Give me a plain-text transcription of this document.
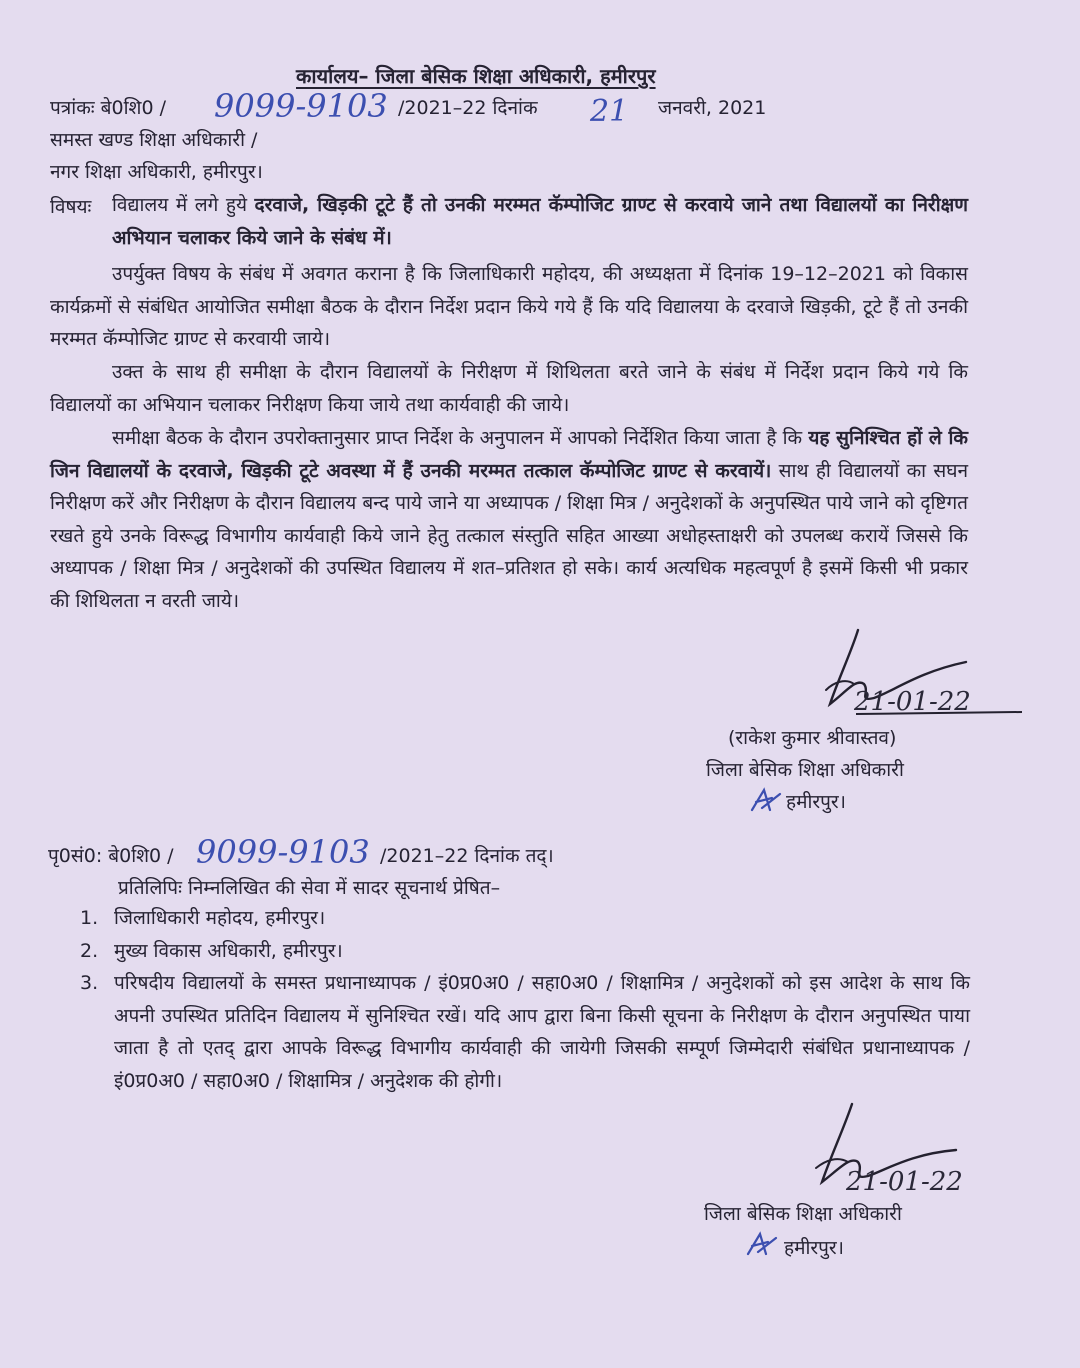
कार्यालय– जिला बेसिक शिक्षा अधिकारी, हमीरपुर
पत्रांकः बे0शि0 / 9099-9103 /2021–22 दिनांक 21 जनवरी, 2021
समस्त खण्ड शिक्षा अधिकारी /
नगर शिक्षा अधिकारी, हमीरपुर।
विषयः विद्यालय में लगे हुये दरवाजे, खिड़की टूटे हैं तो उनकी मरम्मत कॅम्पोजिट ग्राण्ट से करवाये जाने तथा विद्यालयों का निरीक्षण अभियान चलाकर किये जाने के संबंध में।
उपर्युक्त विषय के संबंध में अवगत कराना है कि जिलाधिकारी महोदय, की अध्यक्षता में दिनांक 19–12–2021 को विकास कार्यक्रमों से संबंधित आयोजित समीक्षा बैठक के दौरान निर्देश प्रदान किये गये हैं कि यदि विद्यालया के दरवाजे खिड़की, टूटे हैं तो उनकी मरम्मत कॅम्पोजिट ग्राण्ट से करवायी जाये।
उक्त के साथ ही समीक्षा के दौरान विद्यालयों के निरीक्षण में शिथिलता बरते जाने के संबंध में निर्देश प्रदान किये गये कि विद्यालयों का अभियान चलाकर निरीक्षण किया जाये तथा कार्यवाही की जाये।
समीक्षा बैठक के दौरान उपरोक्तानुसार प्राप्त निर्देश के अनुपालन में आपको निर्देशित किया जाता है कि यह सुनिश्चित हों ले कि जिन विद्यालयों के दरवाजे, खिड़की टूटे अवस्था में हैं उनकी मरम्मत तत्काल कॅम्पोजिट ग्राण्ट से करवायें। साथ ही विद्यालयों का सघन निरीक्षण करें और निरीक्षण के दौरान विद्यालय बन्द पाये जाने या अध्यापक / शिक्षा मित्र / अनुदेशकों के अनुपस्थित पाये जाने को दृष्टिगत रखते हुये उनके विरूद्ध विभागीय कार्यवाही किये जाने हेतु तत्काल संस्तुति सहित आख्या अधोहस्ताक्षरी को उपलब्ध करायें जिससे कि अध्यापक / शिक्षा मित्र / अनुदेशकों की उपस्थित विद्यालय में शत–प्रतिशत हो सके। कार्य अत्यधिक महत्वपूर्ण है इसमें किसी भी प्रकार की शिथिलता न वरती जाये।
21-01-22
(राकेश कुमार श्रीवास्तव)
जिला बेसिक शिक्षा अधिकारी
हमीरपुर।
पृ0सं0: बे0शि0 / 9099-9103 /2021–22 दिनांक तद्।
प्रतिलिपिः निम्नलिखित की सेवा में सादर सूचनार्थ प्रेषित–
1. जिलाधिकारी महोदय, हमीरपुर।
2. मुख्य विकास अधिकारी, हमीरपुर।
3. परिषदीय विद्यालयों के समस्त प्रधानाध्यापक / इं0प्र0अ0 / सहा0अ0 / शिक्षामित्र / अनुदेशकों को इस आदेश के साथ कि अपनी उपस्थित प्रतिदिन विद्यालय में सुनिश्चित रखें। यदि आप द्वारा बिना किसी सूचना के निरीक्षण के दौरान अनुपस्थित पाया जाता है तो एतद् द्वारा आपके विरूद्ध विभागीय कार्यवाही की जायेगी जिसकी सम्पूर्ण जिम्मेदारी संबंधित प्रधानाध्यापक / इं0प्र0अ0 / सहा0अ0 / शिक्षामित्र / अनुदेशक की होगी।
21-01-22
जिला बेसिक शिक्षा अधिकारी
हमीरपुर।
